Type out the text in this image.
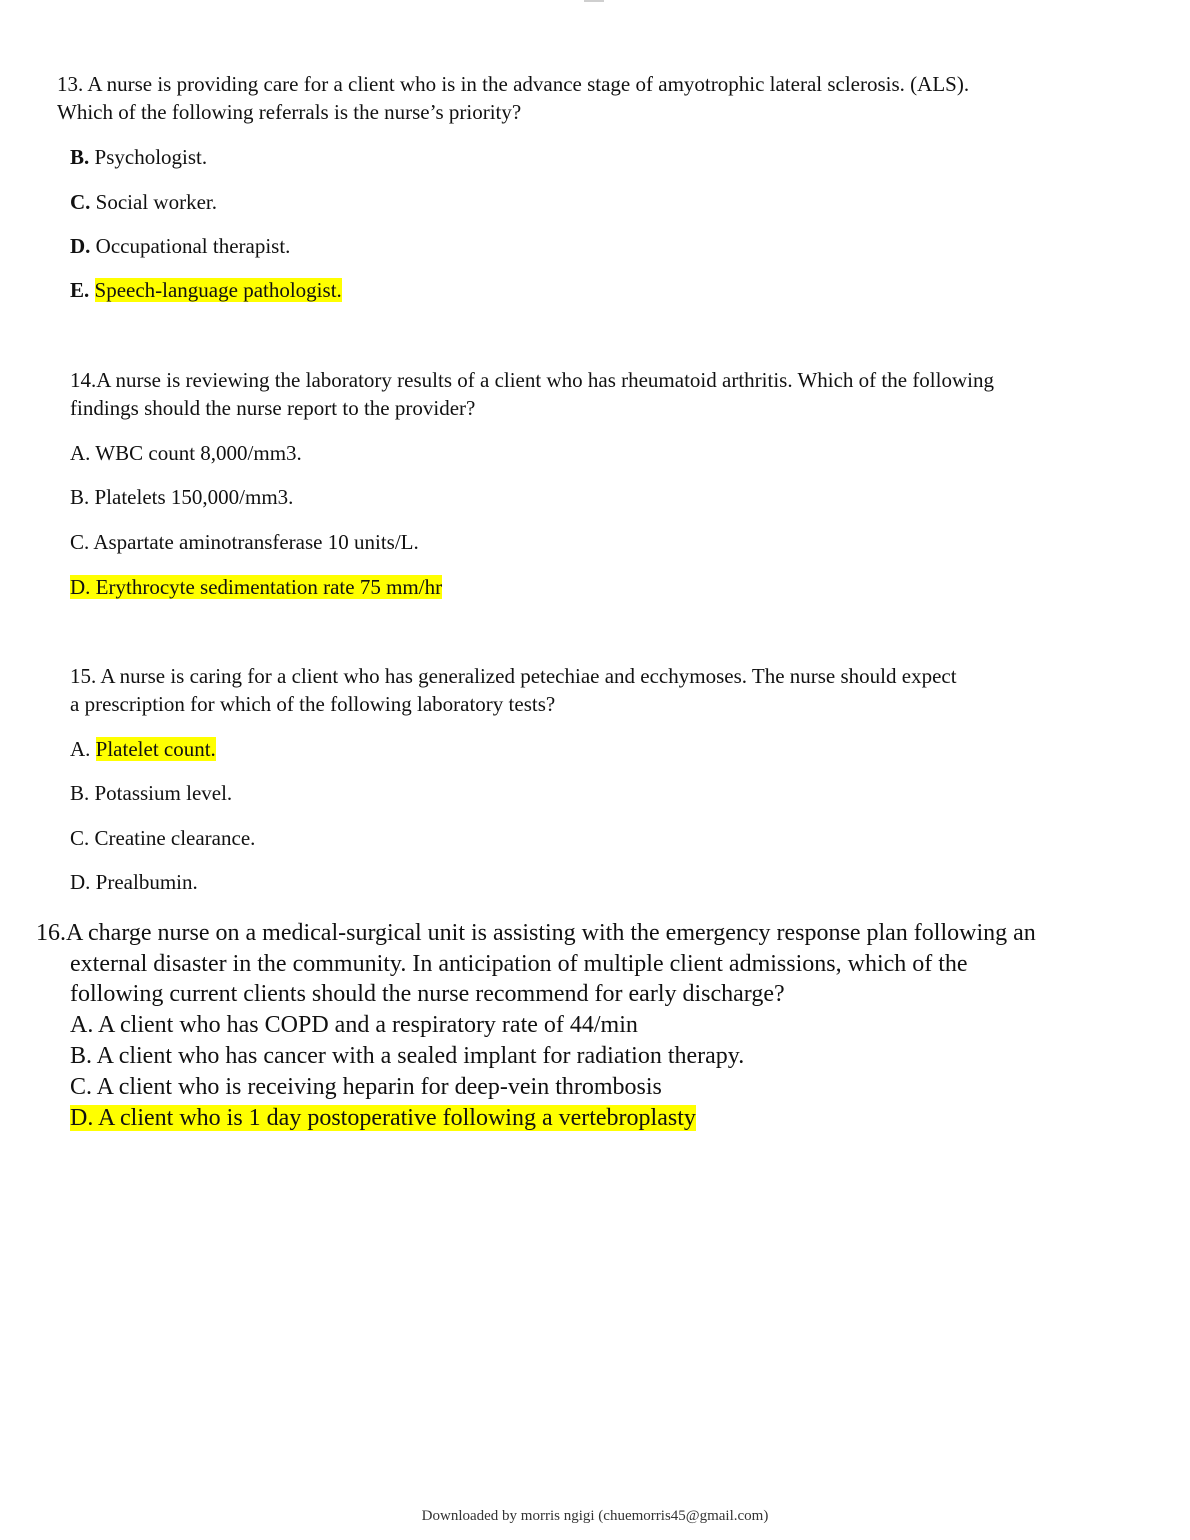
13. A nurse is providing care for a client who is in the advance stage of amyotrophic lateral sclerosis. (ALS).
Which of the following referrals is the nurse’s priority?
B. Psychologist.
C. Social worker.
D. Occupational therapist.
E. Speech-language pathologist.
14.A nurse is reviewing the laboratory results of a client who has rheumatoid arthritis. Which of the following
findings should the nurse report to the provider?
A. WBC count 8,000/mm3.
B. Platelets 150,000/mm3.
C. Aspartate aminotransferase 10 units/L.
D. Erythrocyte sedimentation rate 75 mm/hr
15. A nurse is caring for a client who has generalized petechiae and ecchymoses. The nurse should expect
a prescription for which of the following laboratory tests?
A. Platelet count.
B. Potassium level.
C. Creatine clearance.
D. Prealbumin.
16.A charge nurse on a medical-surgical unit is assisting with the emergency response plan following an
external disaster in the community. In anticipation of multiple client admissions, which of the
following current clients should the nurse recommend for early discharge?
A. A client who has COPD and a respiratory rate of 44/min
B. A client who has cancer with a sealed implant for radiation therapy.
C. A client who is receiving heparin for deep-vein thrombosis
D. A client who is 1 day postoperative following a vertebroplasty
Downloaded by morris ngigi (chuemorris45@gmail.com)
